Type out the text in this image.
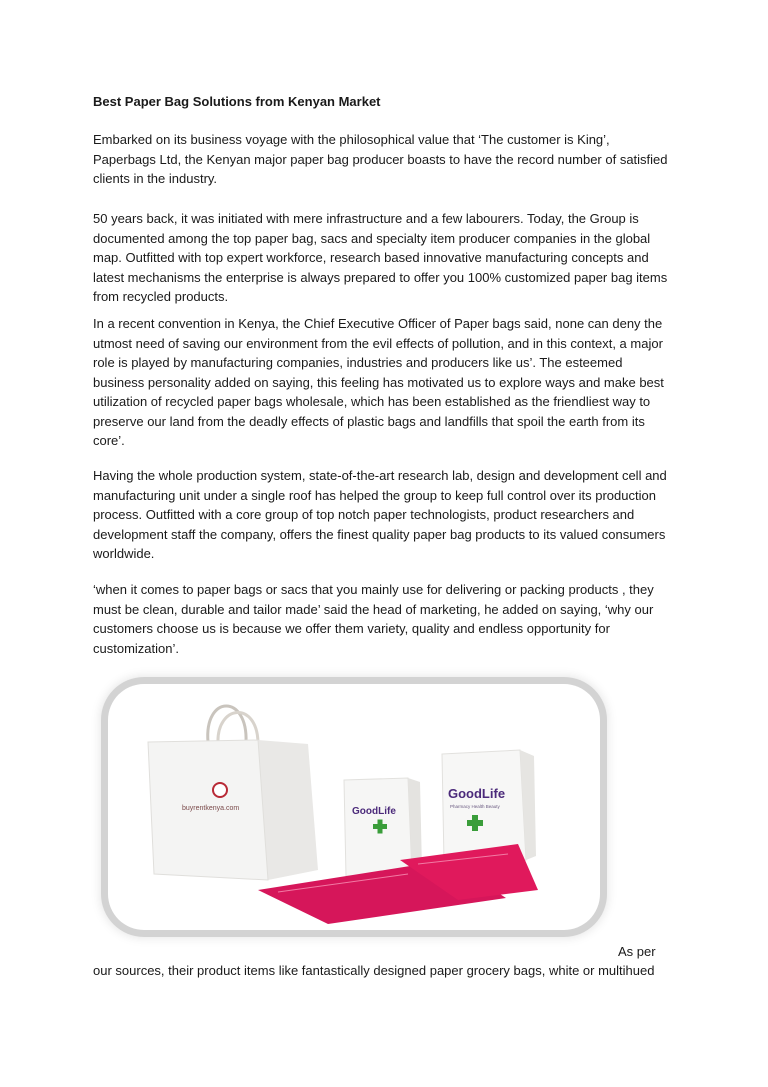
Best Paper Bag Solutions from Kenyan Market

Embarked on its business voyage with the philosophical value that ‘The customer is King’, Paperbags Ltd, the Kenyan major paper bag producer boasts to have the record number of satisfied clients in the industry.

50 years back, it was initiated with mere infrastructure and a few labourers. Today, the Group is documented among the top paper bag, sacs and specialty item producer companies in the global map. Outfitted with top expert workforce, research based innovative manufacturing concepts and latest mechanisms the enterprise is always prepared to offer you 100% customized paper bag items from recycled products.

In a recent convention in Kenya, the Chief Executive Officer of Paper bags said, none can deny the utmost need of saving our environment from the evil effects of pollution, and in this context, a major role is played by manufacturing companies, industries and producers like us’. The esteemed business personality added on saying, this feeling has motivated us to explore ways and make best utilization of recycled paper bags wholesale, which has been established as the friendliest way to preserve our land from the deadly effects of plastic bags and landfills that spoil the earth from its core’.

Having the whole production system, state-of-the-art research lab, design and development cell and manufacturing unit under a single roof has helped the group to keep full control over its production process. Outfitted with a core group of top notch paper technologists, product researchers and development staff the company, offers the finest quality paper bag products to its valued consumers worldwide.

‘when it comes to paper bags or sacs that you mainly use for delivering or packing products , they must be clean, durable and tailor made’ said the head of marketing, he added on saying, ‘why our customers choose us is because we offer them variety, quality and endless opportunity for customization’.

buyrentkenya.com	GoodLife
GoodLife
Pharmacy Health Beauty
As per
our sources, their product items like fantastically designed paper grocery bags, white or multihued
